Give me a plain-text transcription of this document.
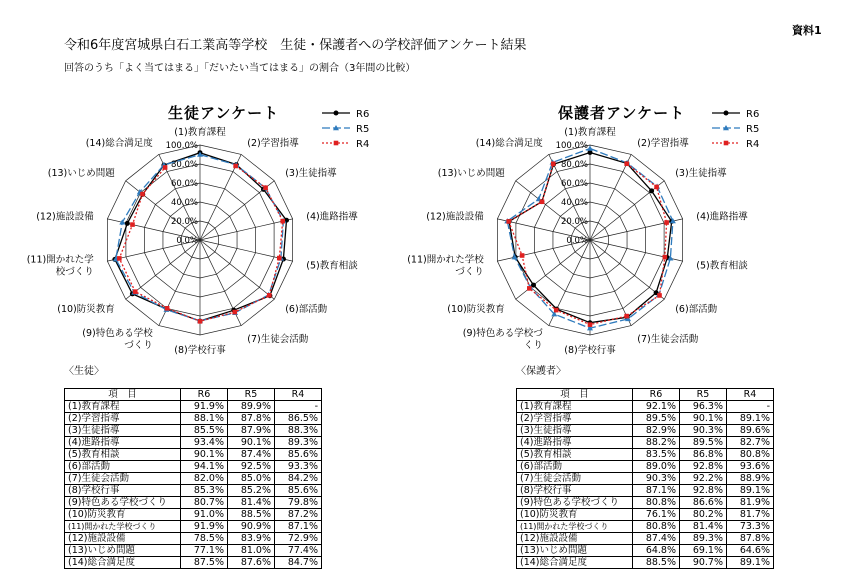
資料1
令和6年度宮城県白石工業高等学校　生徒・保護者への学校評価アンケート結果
回答のうち「よく当てはまる」「だいたい当てはまる」の割合（3年間の比較）
生徒アンケート	保護者アンケート
0.0%
20.0%
40.0%
60.0%
80.0%
100.0%
(1)教育課程
(2)学習指導
(3)生徒指導
(4)進路指導
(5)教育相談
(6)部活動
(7)生徒会活動
(8)学校行事
(9)特色ある学校づくり
(10)防災教育
(11)開かれた学校づくり
(12)施設設備
(13)いじめ問題
(14)総合満足度
R6
R5
R4
0.0%
20.0%
40.0%
60.0%
80.0%
100.0%
(1)教育課程
(2)学習指導
(3)生徒指導
(4)進路指導
(5)教育相談
(6)部活動
(7)生徒会活動
(8)学校行事
(9)特色ある学校づくり
(10)防災教育
(11)開かれた学校づくり
(12)施設設備
(13)いじめ問題
(14)総合満足度
R6
R5
R4
〈生徒〉	〈保護者〉
項　目	R6	R5	R4
(1)教育課程	91.9%	89.9%	-
(2)学習指導	88.1%	87.8%	86.5%
(3)生徒指導	85.5%	87.9%	88.3%
(4)進路指導	93.4%	90.1%	89.3%
(5)教育相談	90.1%	87.4%	85.6%
(6)部活動	94.1%	92.5%	93.3%
(7)生徒会活動	82.0%	85.0%	84.2%
(8)学校行事	85.3%	85.2%	85.6%
(9)特色ある学校づくり	80.7%	81.4%	79.8%
(10)防災教育	91.0%	88.5%	87.2%
(11)開かれた学校づくり	91.9%	90.9%	87.1%
(12)施設設備	78.5%	83.9%	72.9%
(13)いじめ問題	77.1%	81.0%	77.4%
(14)総合満足度	87.5%	87.6%	84.7%
項　目	R6	R5	R4
(1)教育課程	92.1%	96.3%	-
(2)学習指導	89.5%	90.1%	89.1%
(3)生徒指導	82.9%	90.3%	89.6%
(4)進路指導	88.2%	89.5%	82.7%
(5)教育相談	83.5%	86.8%	80.8%
(6)部活動	89.0%	92.8%	93.6%
(7)生徒会活動	90.3%	92.2%	88.9%
(8)学校行事	87.1%	92.8%	89.1%
(9)特色ある学校づくり	80.8%	86.6%	81.9%
(10)防災教育	76.1%	80.2%	81.7%
(11)開かれた学校づくり	80.8%	81.4%	73.3%
(12)施設設備	87.4%	89.3%	87.8%
(13)いじめ問題	64.8%	69.1%	64.6%
(14)総合満足度	88.5%	90.7%	89.1%
